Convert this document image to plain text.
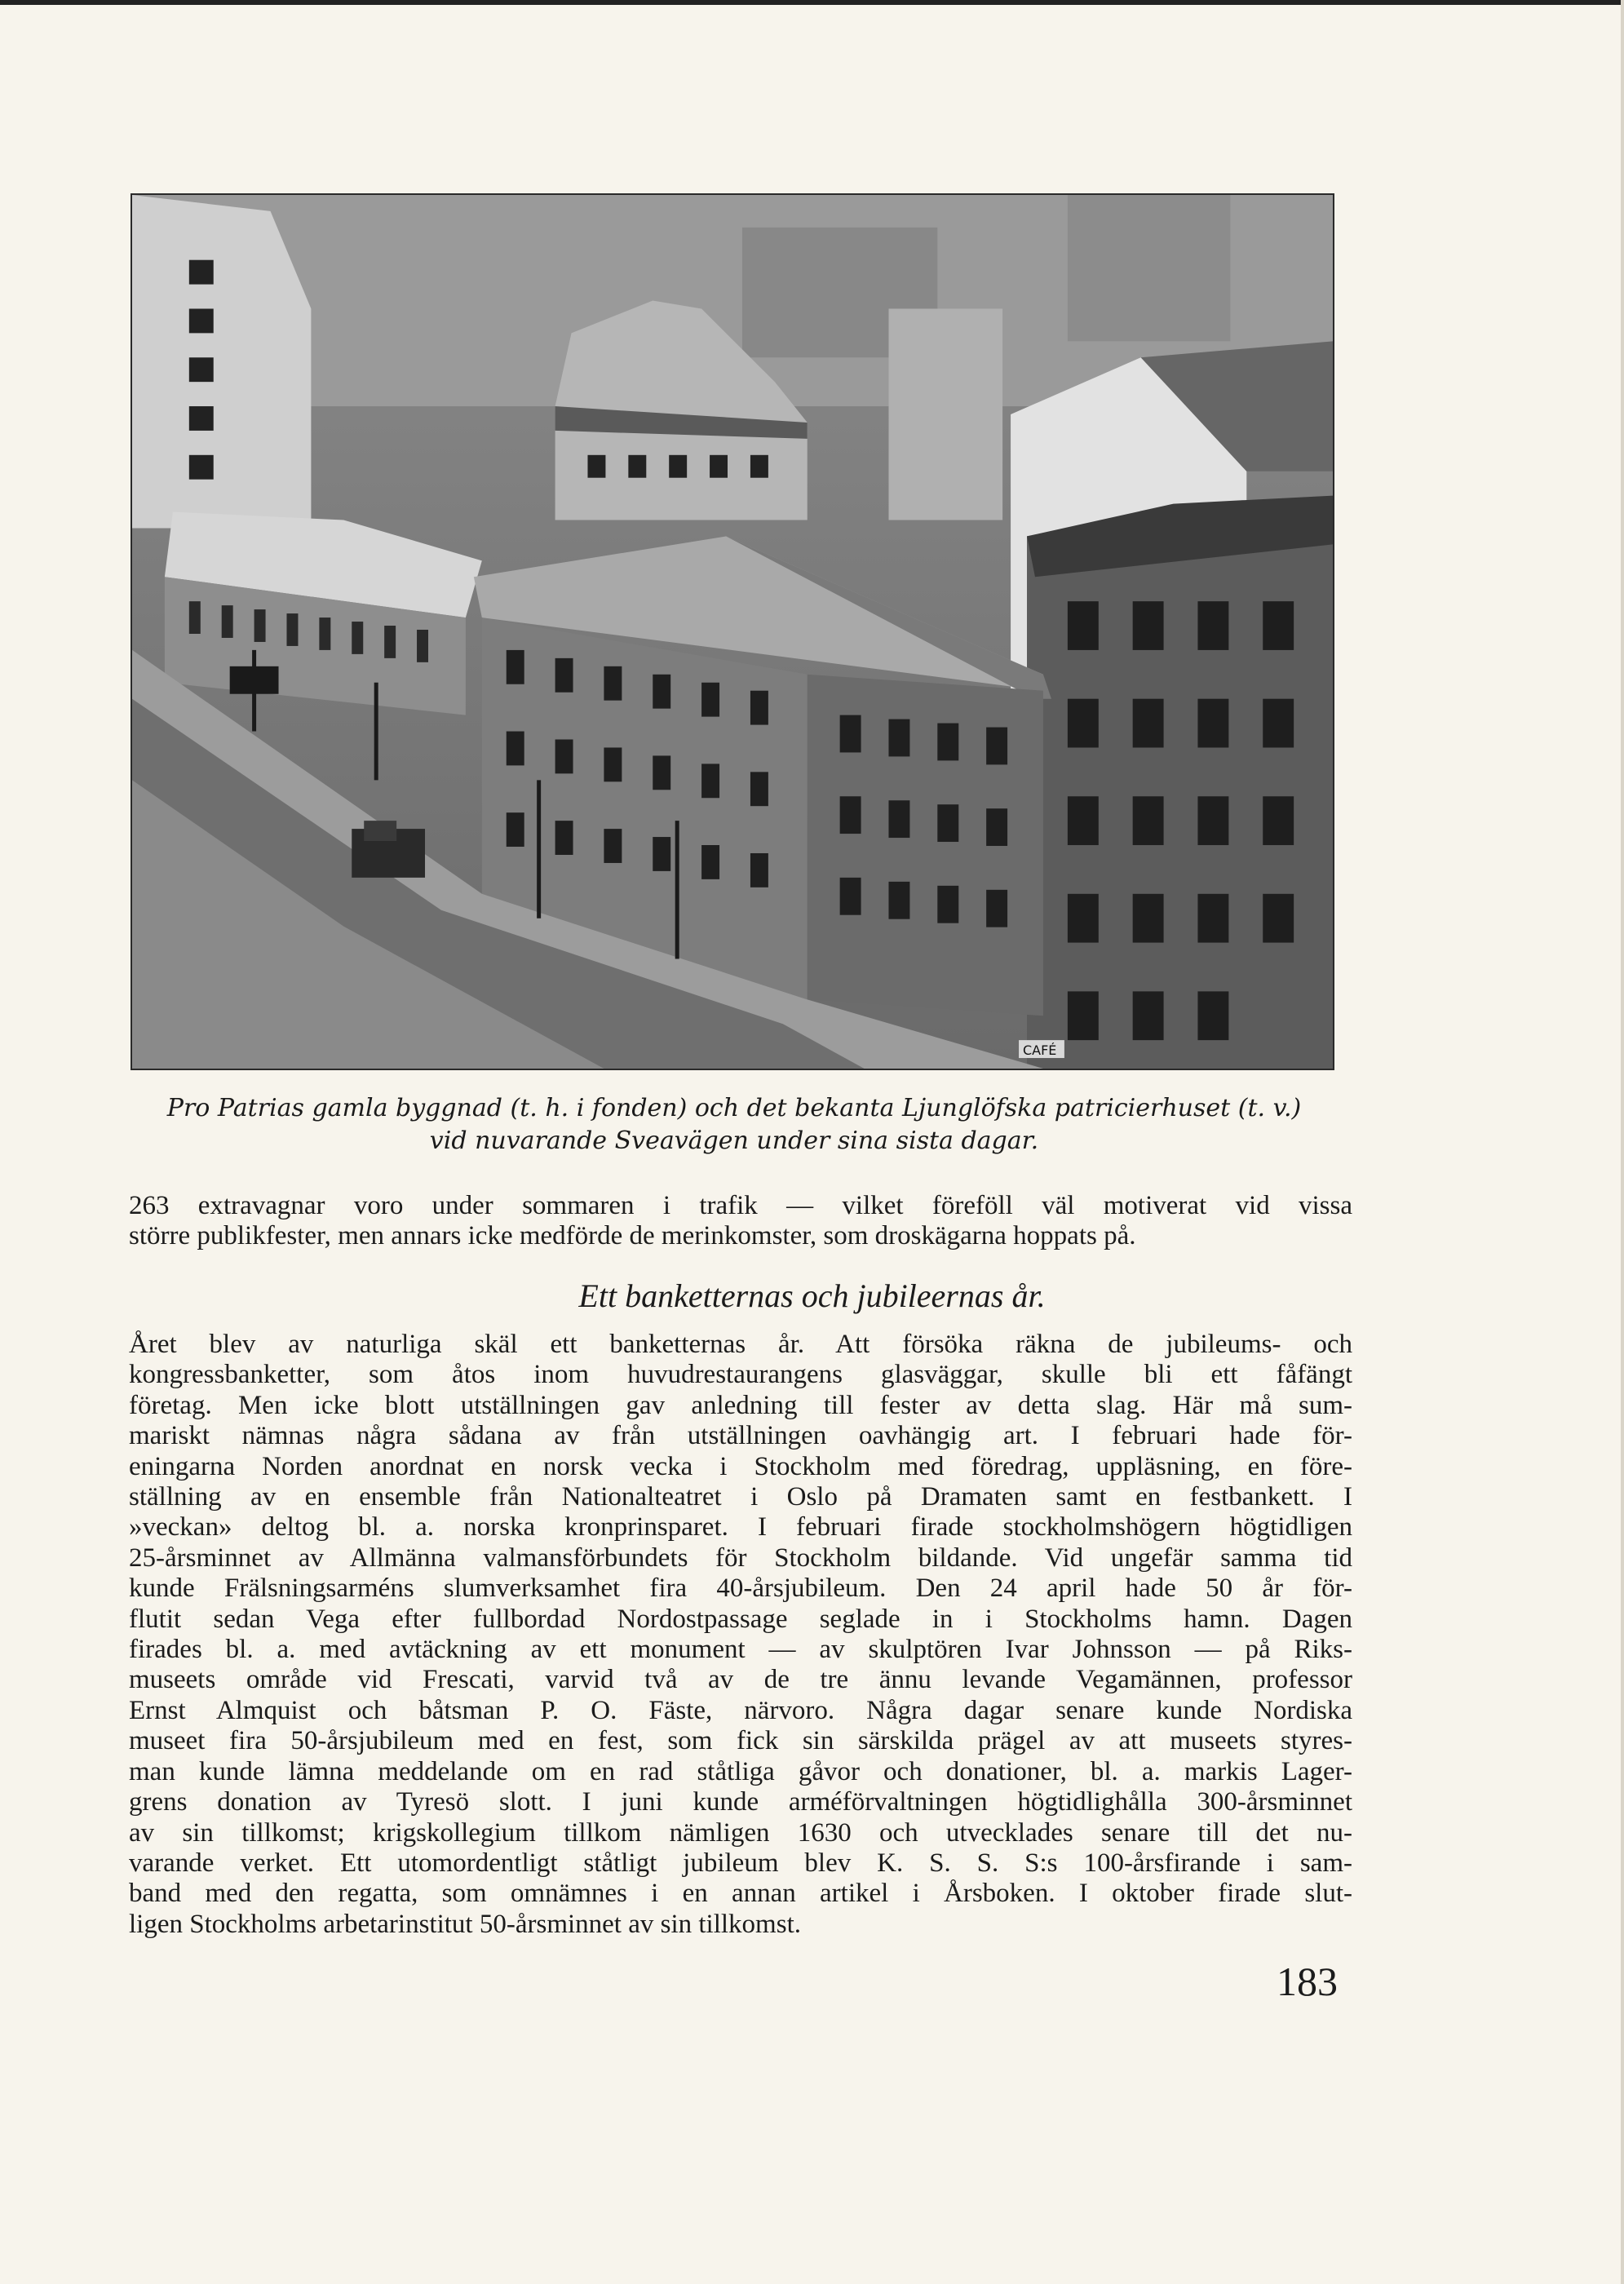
CAFÉ
Pro Patrias gamla byggnad (t. h. i fonden) och det bekanta Ljunglöfska patricierhuset (t. v.)
vid nuvarande Sveavägen under sina sista dagar.
263 extravagnar voro under sommaren i trafik — vilket föreföll väl motiverat vid vissa
större publikfester, men annars icke medförde de merinkomster, som droskägarna hoppats på.
Ett banketternas och jubileernas år.
Året blev av naturliga skäl ett banketternas år. Att försöka räkna de jubileums- och
kongressbanketter, som åtos inom huvudrestaurangens glasväggar, skulle bli ett fåfängt
företag. Men icke blott utställningen gav anledning till fester av detta slag. Här må sum-
mariskt nämnas några sådana av från utställningen oavhängig art. I februari hade för-
eningarna Norden anordnat en norsk vecka i Stockholm med föredrag, uppläsning, en före-
ställning av en ensemble från Nationalteatret i Oslo på Dramaten samt en festbankett. I
»veckan» deltog bl. a. norska kronprinsparet. I februari firade stockholmshögern högtidligen
25-årsminnet av Allmänna valmansförbundets för Stockholm bildande. Vid ungefär samma tid
kunde Frälsningsarméns slumverksamhet fira 40-årsjubileum. Den 24 april hade 50 år för-
flutit sedan Vega efter fullbordad Nordostpassage seglade in i Stockholms hamn. Dagen
firades bl. a. med avtäckning av ett monument — av skulptören Ivar Johnsson — på Riks-
museets område vid Frescati, varvid två av de tre ännu levande Vegamännen, professor
Ernst Almquist och båtsman P. O. Fäste, närvoro. Några dagar senare kunde Nordiska
museet fira 50-årsjubileum med en fest, som fick sin särskilda prägel av att museets styres-
man kunde lämna meddelande om en rad ståtliga gåvor och donationer, bl. a. markis Lager-
grens donation av Tyresö slott. I juni kunde arméförvaltningen högtidlighålla 300-årsminnet
av sin tillkomst; krigskollegium tillkom nämligen 1630 och utvecklades senare till det nu-
varande verket. Ett utomordentligt ståtligt jubileum blev K. S. S. S:s 100-årsfirande i sam-
band med den regatta, som omnämnes i en annan artikel i Årsboken. I oktober firade slut-
ligen Stockholms arbetarinstitut 50-årsminnet av sin tillkomst.
183
